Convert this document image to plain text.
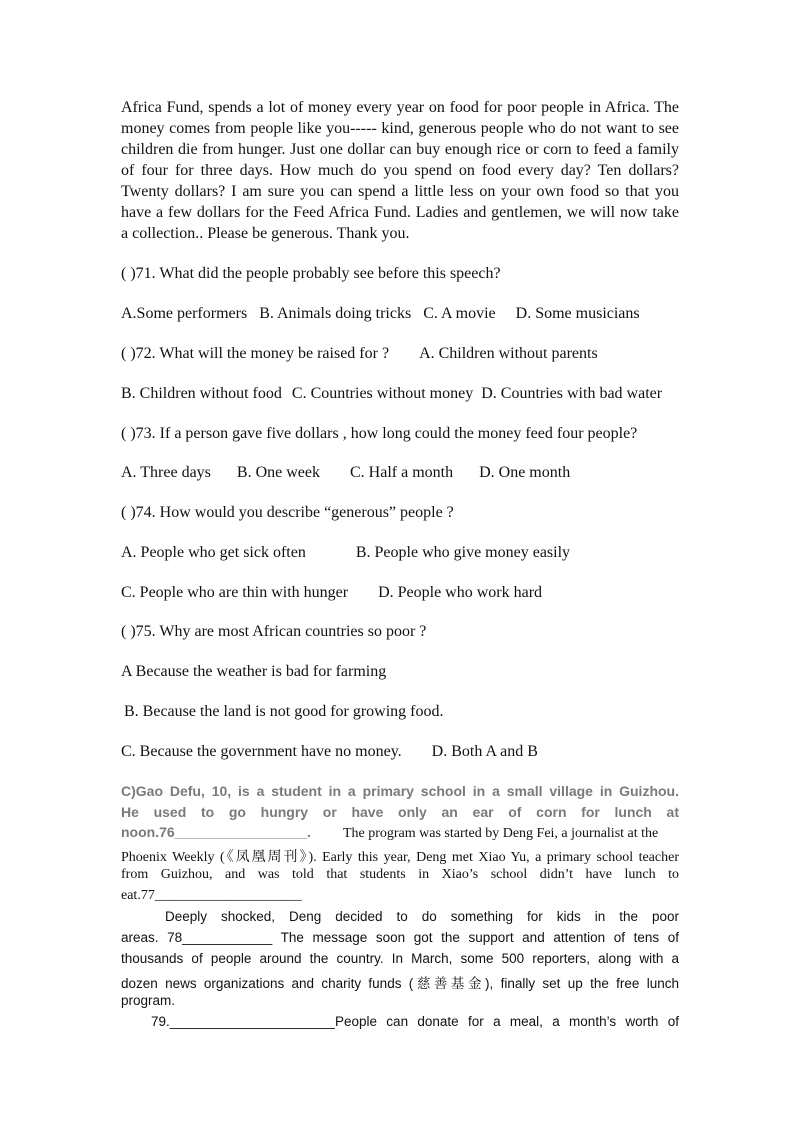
Africa Fund, spends a lot of money every year on food for poor people in Africa. The
money comes from people like you----- kind, generous people who do not want to see
children die from hunger. Just one dollar can buy enough rice or corn to feed a family
of four for three days. How much do you spend on food every day? Ten dollars?
Twenty dollars? I am sure you can spend a little less on your own food so that you
have a few dollars for the Feed Africa Fund. Ladies and gentlemen, we will now take
a collection.. Please be generous. Thank you.
( )71. What did the people probably see before this speech?
A.Some performers B. Animals doing tricks C. A movie D. Some musicians
( )72. What will the money be raised for ? A. Children without parents
B. Children without food C. Countries without money D. Countries with bad water
( )73. If a person gave five dollars , how long could the money feed four people?
A. Three days B. One week C. Half a month D. One month
( )74. How would you describe “generous” people ?
A. People who get sick often	B. People who give money easily
C. People who are thin with hunger D. People who work hard
( )75. Why are most African countries so poor ?
A Because the weather is bad for farming
B. Because the land is not good for growing food.
C. Because the government have no money. D. Both A and B
C)Gao Defu, 10, is a student in a primary school in a small village in Guizhou.
He used to go hungry or have only an ear of corn for lunch at
noon.76_________________. The program was started by Deng Fei, a journalist at the
Phoenix Weekly (《凤凰周刊》). Early this year, Deng met Xiao Yu, a primary school teacher
from Guizhou, and was told that students in Xiao’s school didn’t have lunch to
eat.77_____________________
Deeply shocked, Deng decided to do something for kids in the poor
areas. 78____________ The message soon got the support and attention of tens of
thousands of people around the country. In March, some 500 reporters, along with a
dozen news organizations and charity funds (慈善基金), finally set up the free lunch
program.
79.______________________ People can donate for a meal, a month’s worth of
